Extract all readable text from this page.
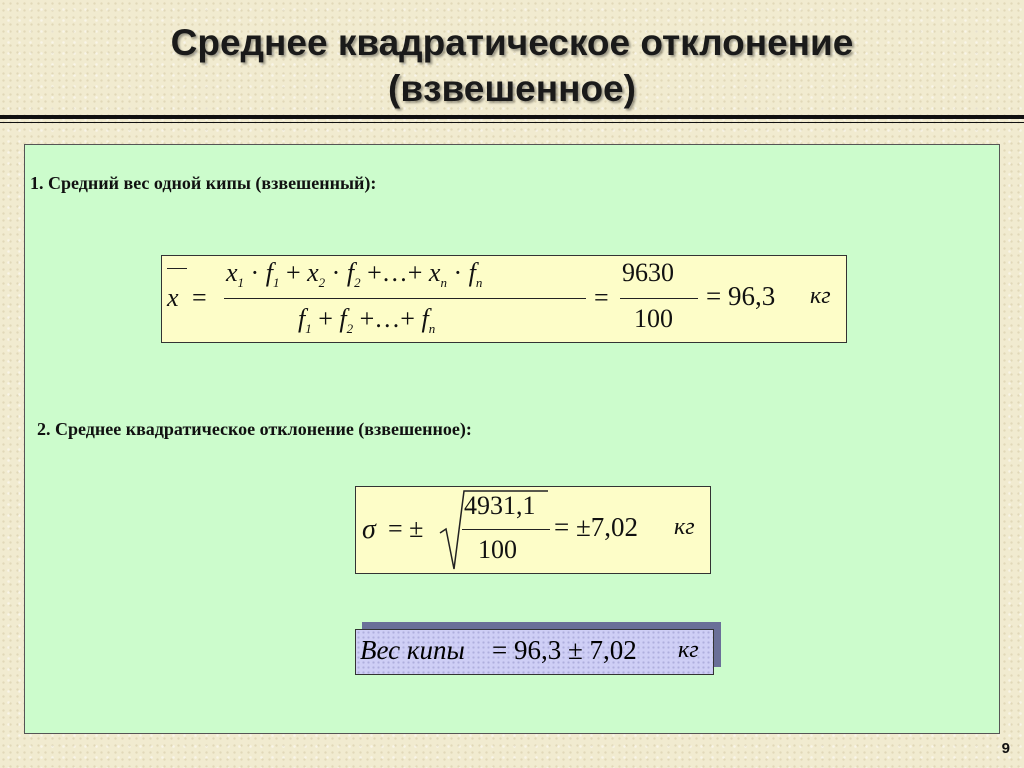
Среднее квадратическое отклонение
(взвешенное)
1. Средний вес одной кипы (взвешенный):
x =
$x_1 \cdot f_1 + x_2 \cdot f_2$ +…+ $x_n \cdot f_n$
$f_1 + f_2$ +…+ $f_n$
=
9630
100
= 96,3 кг
2. Среднее квадратическое отклонение (взвешенное):
σ = ±
4931,1
100
= ±7,02 кг
Вес кипы = 96,3 ± 7,02 кг
9
